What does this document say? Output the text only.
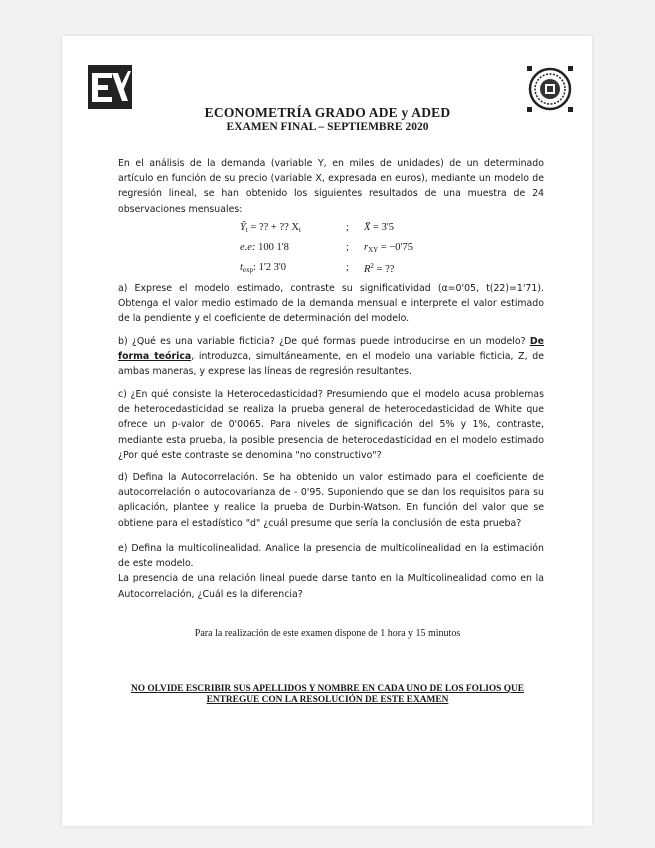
ECONOMETRÍA GRADO ADE y ADED
EXAMEN FINAL – SEPTIEMBRE 2020

En el análisis de la demanda (variable Y, en miles de unidades) de un determinado artículo en función de su precio (variable X, expresada en euros), mediante un modelo de regresión lineal, se han obtenido los siguientes resultados de una muestra de 24 observaciones mensuales:

$Ŷ_t$ = ?? + ?? $X_t$	; X̄ = 3'5
e.e: 100 1'8	; $r_{XY} = -0'75$
$t_{exp}$: 1'2 3'0	; $R^2$ = ??

a) Exprese el modelo estimado, contraste su significatividad (α=0'05, t(22)=1'71). Obtenga el valor medio estimado de la demanda mensual e interprete el valor estimado de la pendiente y el coeficiente de determinación del modelo.

b) ¿Qué es una variable ficticia? ¿De qué formas puede introducirse en un modelo? De forma teórica, introduzca, simultáneamente, en el modelo una variable ficticia, Z, de ambas maneras, y exprese las líneas de regresión resultantes.

c) ¿En qué consiste la Heterocedasticidad? Presumiendo que el modelo acusa problemas de heterocedasticidad se realiza la prueba general de heterocedasticidad de White que ofrece un p-valor de 0'0065. Para niveles de significación del 5% y 1%, contraste, mediante esta prueba, la posible presencia de heterocedasticidad en el modelo estimado ¿Por qué este contraste se denomina "no constructivo"?

d) Defina la Autocorrelación. Se ha obtenido un valor estimado para el coeficiente de autocorrelación o autocovarianza de - 0'95. Suponiendo que se dan los requisitos para su aplicación, plantee y realice la prueba de Durbin-Watson. En función del valor que se obtiene para el estadístico "d" ¿cuál presume que sería la conclusión de esta prueba?

e) Defina la multicolinealidad. Analice la presencia de multicolinealidad en la estimación de este modelo.
La presencia de una relación lineal puede darse tanto en la Multicolinealidad como en la Autocorrelación, ¿Cuál es la diferencia?

Para la realización de este examen dispone de 1 hora y 15 minutos
NO OLVIDE ESCRIBIR SUS APELLIDOS Y NOMBRE EN CADA UNO DE LOS FOLIOS QUE
ENTREGUE CON LA RESOLUCIÓN DE ESTE EXAMEN
